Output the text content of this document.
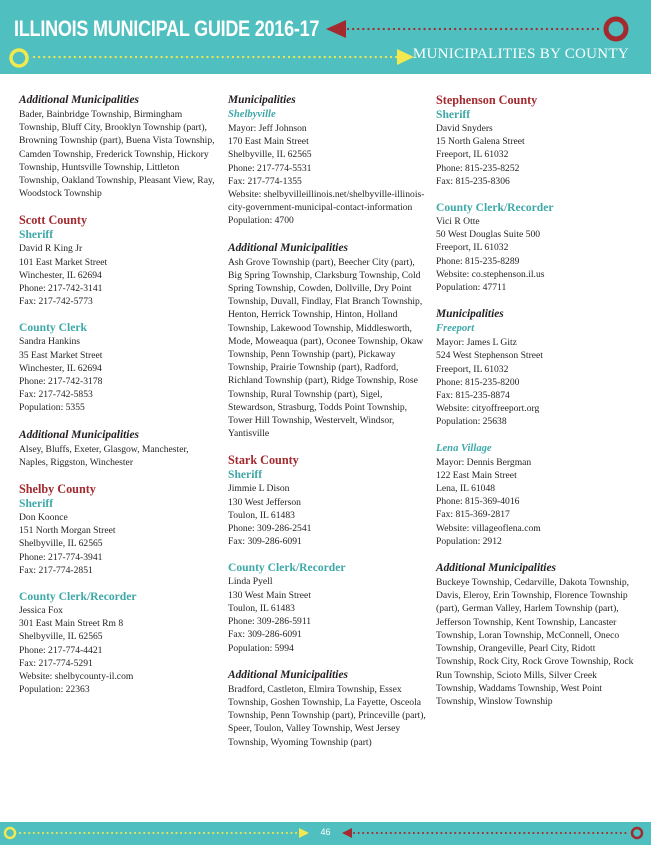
ILLINOIS MUNICIPAL GUIDE 2016-17
MUNICIPALITIES BY COUNTY
Additional Municipalities
Bader, Bainbridge Township, Birmingham Township, Bluff City, Brooklyn Township (part), Browning Township (part), Buena Vista Township, Camden Township, Frederick Township, Hickory Township, Huntsville Township, Littleton Township, Oakland Township, Pleasant View, Ray, Woodstock Township
Scott County
Sheriff
David R King Jr
101 East Market Street
Winchester, IL 62694
Phone: 217-742-3141
Fax: 217-742-5773
County Clerk
Sandra Hankins
35 East Market Street
Winchester, IL 62694
Phone: 217-742-3178
Fax: 217-742-5853
Population: 5355
Additional Municipalities
Alsey, Bluffs, Exeter, Glasgow, Manchester, Naples, Riggston, Winchester
Shelby County
Sheriff
Don Koonce
151 North Morgan Street
Shelbyville, IL 62565
Phone: 217-774-3941
Fax: 217-774-2851
County Clerk/Recorder
Jessica Fox
301 East Main Street Rm 8
Shelbyville, IL 62565
Phone: 217-774-4421
Fax: 217-774-5291
Website: shelbycounty-il.com
Population: 22363
Municipalities
Shelbyville
Mayor: Jeff Johnson
170 East Main Street
Shelbyville, IL 62565
Phone: 217-774-5531
Fax: 217-774-1355
Website: shelbyvilleillinois.net/shelbyville-illinois-city-government-municipal-contact-information
Population: 4700
Additional Municipalities
Ash Grove Township (part), Beecher City (part), Big Spring Township, Clarksburg Township, Cold Spring Township, Cowden, Dollville, Dry Point Township, Duvall, Findlay, Flat Branch Township, Henton, Herrick Township, Hinton, Holland Township, Lakewood Township, Middlesworth, Mode, Moweaqua (part), Oconee Township, Okaw Township, Penn Township (part), Pickaway Township, Prairie Township (part), Radford, Richland Township (part), Ridge Township, Rose Township, Rural Township (part), Sigel, Stewardson, Strasburg, Todds Point Township, Tower Hill Township, Westervelt, Windsor, Yantisville
Stark County
Sheriff
Jimmie L Dison
130 West Jefferson
Toulon, IL 61483
Phone: 309-286-2541
Fax: 309-286-6091
County Clerk/Recorder
Linda Pyell
130 West Main Street
Toulon, IL 61483
Phone: 309-286-5911
Fax: 309-286-6091
Population: 5994
Additional Municipalities
Bradford, Castleton, Elmira Township, Essex Township, Goshen Township, La Fayette, Osceola Township, Penn Township (part), Princeville (part), Speer, Toulon, Valley Township, West Jersey Township, Wyoming Township (part)
Stephenson County
Sheriff
David Snyders
15 North Galena Street
Freeport, IL 61032
Phone: 815-235-8252
Fax: 815-235-8306
County Clerk/Recorder
Vici R Otte
50 West Douglas Suite 500
Freeport, IL 61032
Phone: 815-235-8289
Website: co.stephenson.il.us
Population: 47711
Municipalities
Freeport
Mayor: James L Gitz
524 West Stephenson Street
Freeport, IL 61032
Phone: 815-235-8200
Fax: 815-235-8874
Website: cityoffreeport.org
Population: 25638
Lena Village
Mayor: Dennis Bergman
122 East Main Street
Lena, IL 61048
Phone: 815-369-4016
Fax: 815-369-2817
Website: villageoflena.com
Population: 2912
Additional Municipalities
Buckeye Township, Cedarville, Dakota Township, Davis, Eleroy, Erin Township, Florence Township (part), German Valley, Harlem Township (part), Jefferson Township, Kent Township, Lancaster Township, Loran Township, McConnell, Oneco Township, Orangeville, Pearl City, Ridott Township, Rock City, Rock Grove Township, Rock Run Township, Scioto Mills, Silver Creek Township, Waddams Township, West Point Township, Winslow Township
46
